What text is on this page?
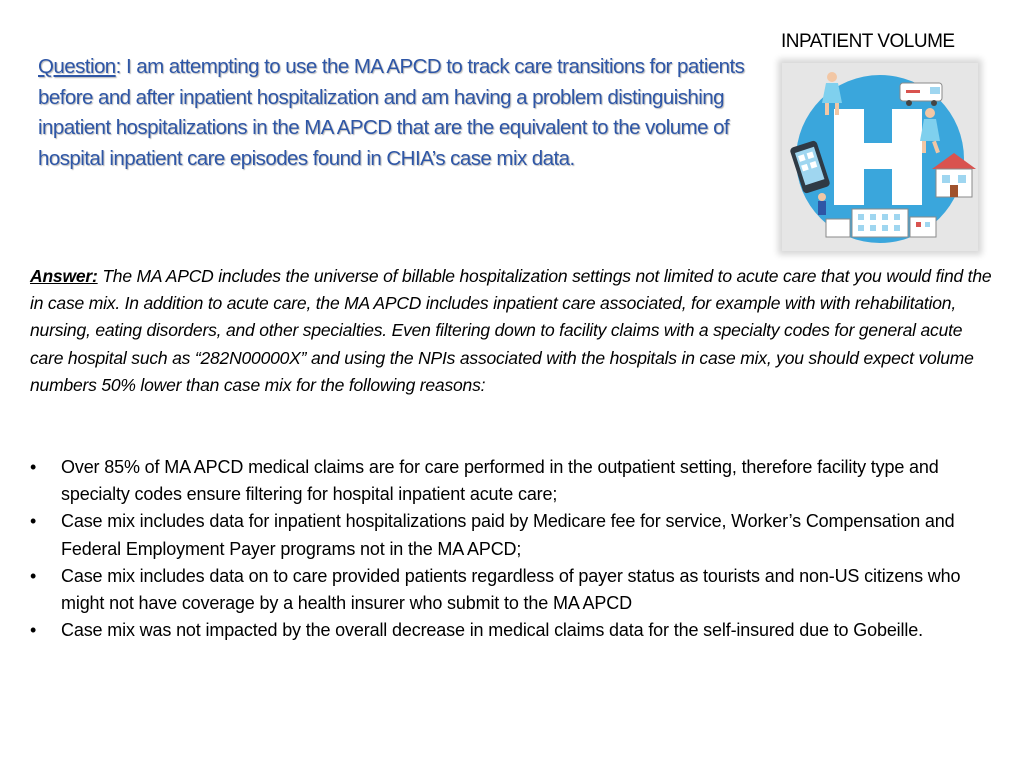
INPATIENT VOLUME
Question: I am attempting to use the MA APCD to track care transitions for patients before and after inpatient hospitalization and am having a problem distinguishing inpatient hospitalizations in the MA APCD that are the equivalent to the volume of hospital inpatient care episodes found in CHIA’s case mix data.
Answer: The MA APCD includes the universe of billable hospitalization settings not limited to acute care that you would find the in case mix. In addition to acute care, the MA APCD includes inpatient care associated, for example with with rehabilitation, nursing, eating disorders, and other specialties. Even filtering down to facility claims with a specialty codes for general acute care hospital such as “282N00000X” and using the NPIs associated with the hospitals in case mix, you should expect volume numbers 50% lower than case mix for the following reasons:
• Over 85% of MA APCD medical claims are for care performed in the outpatient setting, therefore facility type and specialty codes ensure filtering for hospital inpatient acute care;
• Case mix includes data for inpatient hospitalizations paid by Medicare fee for service, Worker’s Compensation and Federal Employment Payer programs not in the MA APCD;
• Case mix includes data on to care provided patients regardless of payer status as tourists and non-US citizens who might not have coverage by a health insurer who submit to the MA APCD
• Case mix was not impacted by the overall decrease in medical claims data for the self-insured due to Gobeille.
